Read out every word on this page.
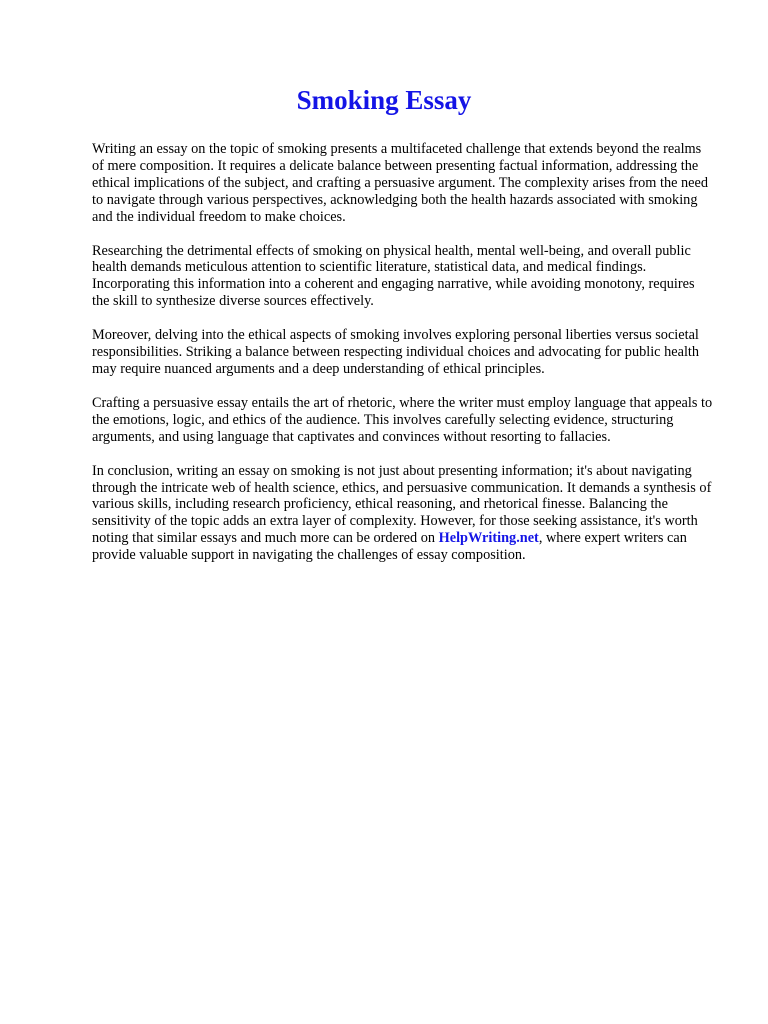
Smoking Essay

Writing an essay on the topic of smoking presents a multifaceted challenge that extends beyond the realms of mere composition. It requires a delicate balance between presenting factual information, addressing the ethical implications of the subject, and crafting a persuasive argument. The complexity arises from the need to navigate through various perspectives, acknowledging both the health hazards associated with smoking and the individual freedom to make choices.

Researching the detrimental effects of smoking on physical health, mental well-being, and overall public health demands meticulous attention to scientific literature, statistical data, and medical findings. Incorporating this information into a coherent and engaging narrative, while avoiding monotony, requires the skill to synthesize diverse sources effectively.

Moreover, delving into the ethical aspects of smoking involves exploring personal liberties versus societal responsibilities. Striking a balance between respecting individual choices and advocating for public health may require nuanced arguments and a deep understanding of ethical principles.

Crafting a persuasive essay entails the art of rhetoric, where the writer must employ language that appeals to the emotions, logic, and ethics of the audience. This involves carefully selecting evidence, structuring arguments, and using language that captivates and convinces without resorting to fallacies.

In conclusion, writing an essay on smoking is not just about presenting information; it's about navigating through the intricate web of health science, ethics, and persuasive communication. It demands a synthesis of various skills, including research proficiency, ethical reasoning, and rhetorical finesse. Balancing the sensitivity of the topic adds an extra layer of complexity. However, for those seeking assistance, it's worth noting that similar essays and much more can be ordered on HelpWriting.net, where expert writers can provide valuable support in navigating the challenges of essay composition.
